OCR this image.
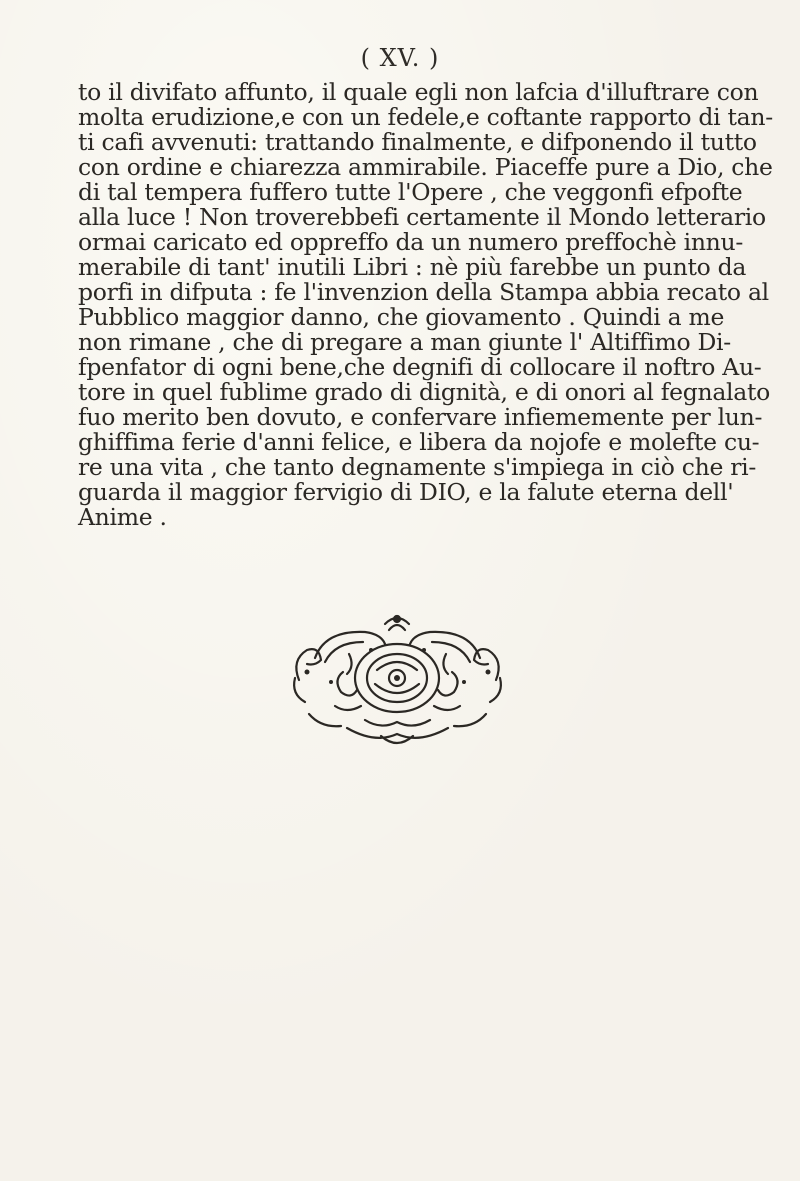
( XV. )
to il divifato affunto, il quale egli non lafcia d'illuftrare con
molta erudizione,e con un fedele,e coftante rapporto di tan-
ti cafi avvenuti: trattando finalmente, e difponendo il tutto
con ordine e chiarezza ammirabile. Piaceffe pure a Dio, che
di tal tempera fuffero tutte l'Opere , che veggonfi efpofte
alla luce ! Non troverebbefi certamente il Mondo letterario
ormai caricato ed oppreffo da un numero preffochè innu-
merabile di tant' inutili Libri : nè più farebbe un punto da
porfi in difputa : fe l'invenzion della Stampa abbia recato al
Pubblico maggior danno, che giovamento . Quindi a me
non rimane , che di pregare a man giunte l' Altiffimo Di-
fpenfator di ogni bene,che degnifi di collocare il noftro Au-
tore in quel fublime grado di dignità, e di onori al fegnalato
fuo merito ben dovuto, e confervare infiememente per lun-
ghiffima ferie d'anni felice, e libera da nojofe e molefte cu-
re una vita , che tanto degnamente s'impiega in ciò che ri-
guarda il maggior fervigio di DIO, e la falute eterna dell'
Anime .
